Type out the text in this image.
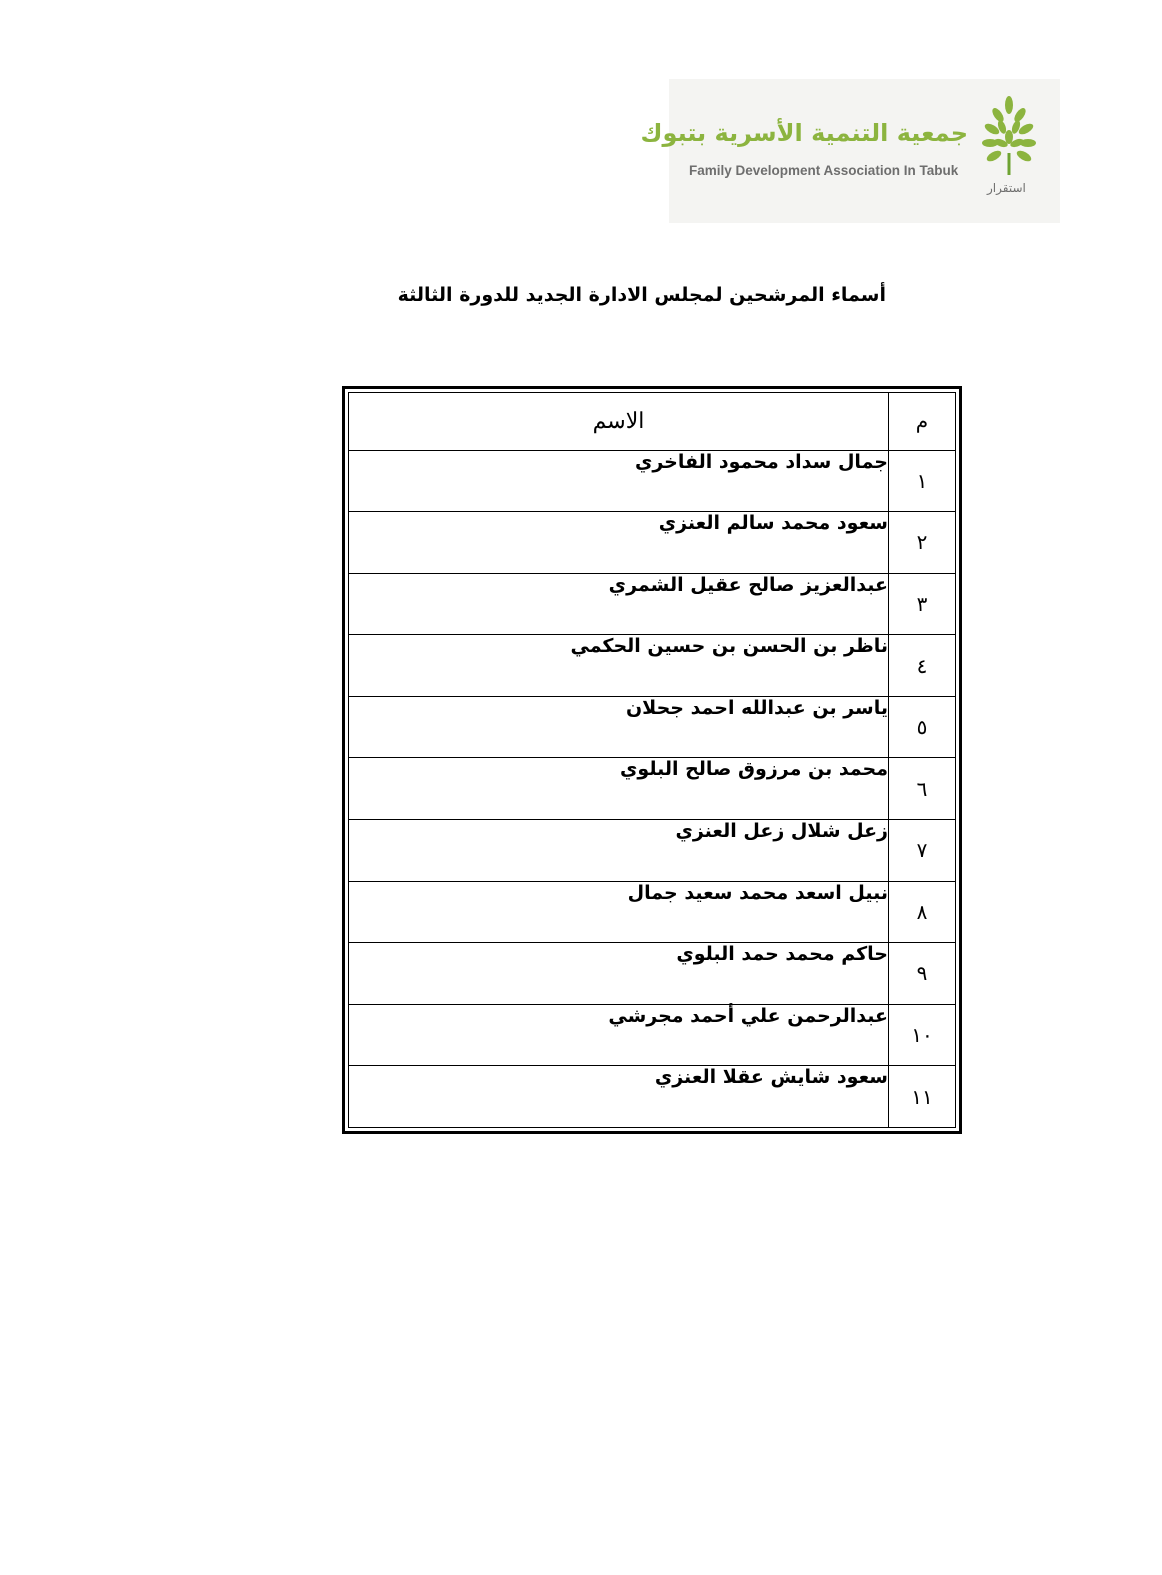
جمعية التنمية الأسرية بتبوك
Family Development Association In Tabuk
استقرار
أسماء المرشحين لمجلس الادارة الجديد للدورة الثالثة
م	الاسم
١	جمال سداد محمود الفاخري
٢	سعود محمد سالم العنزي
٣	عبدالعزيز صالح عقيل الشمري
٤	ناظر بن الحسن بن حسين الحكمي
٥	ياسر بن عبدالله احمد جحلان
٦	محمد بن مرزوق صالح البلوي
٧	زعل شلال زعل العنزي
٨	نبيل اسعد محمد سعيد جمال
٩	حاكم محمد حمد البلوي
١٠	عبدالرحمن علي أحمد مجرشي
١١	سعود شايش عقلا العنزي
